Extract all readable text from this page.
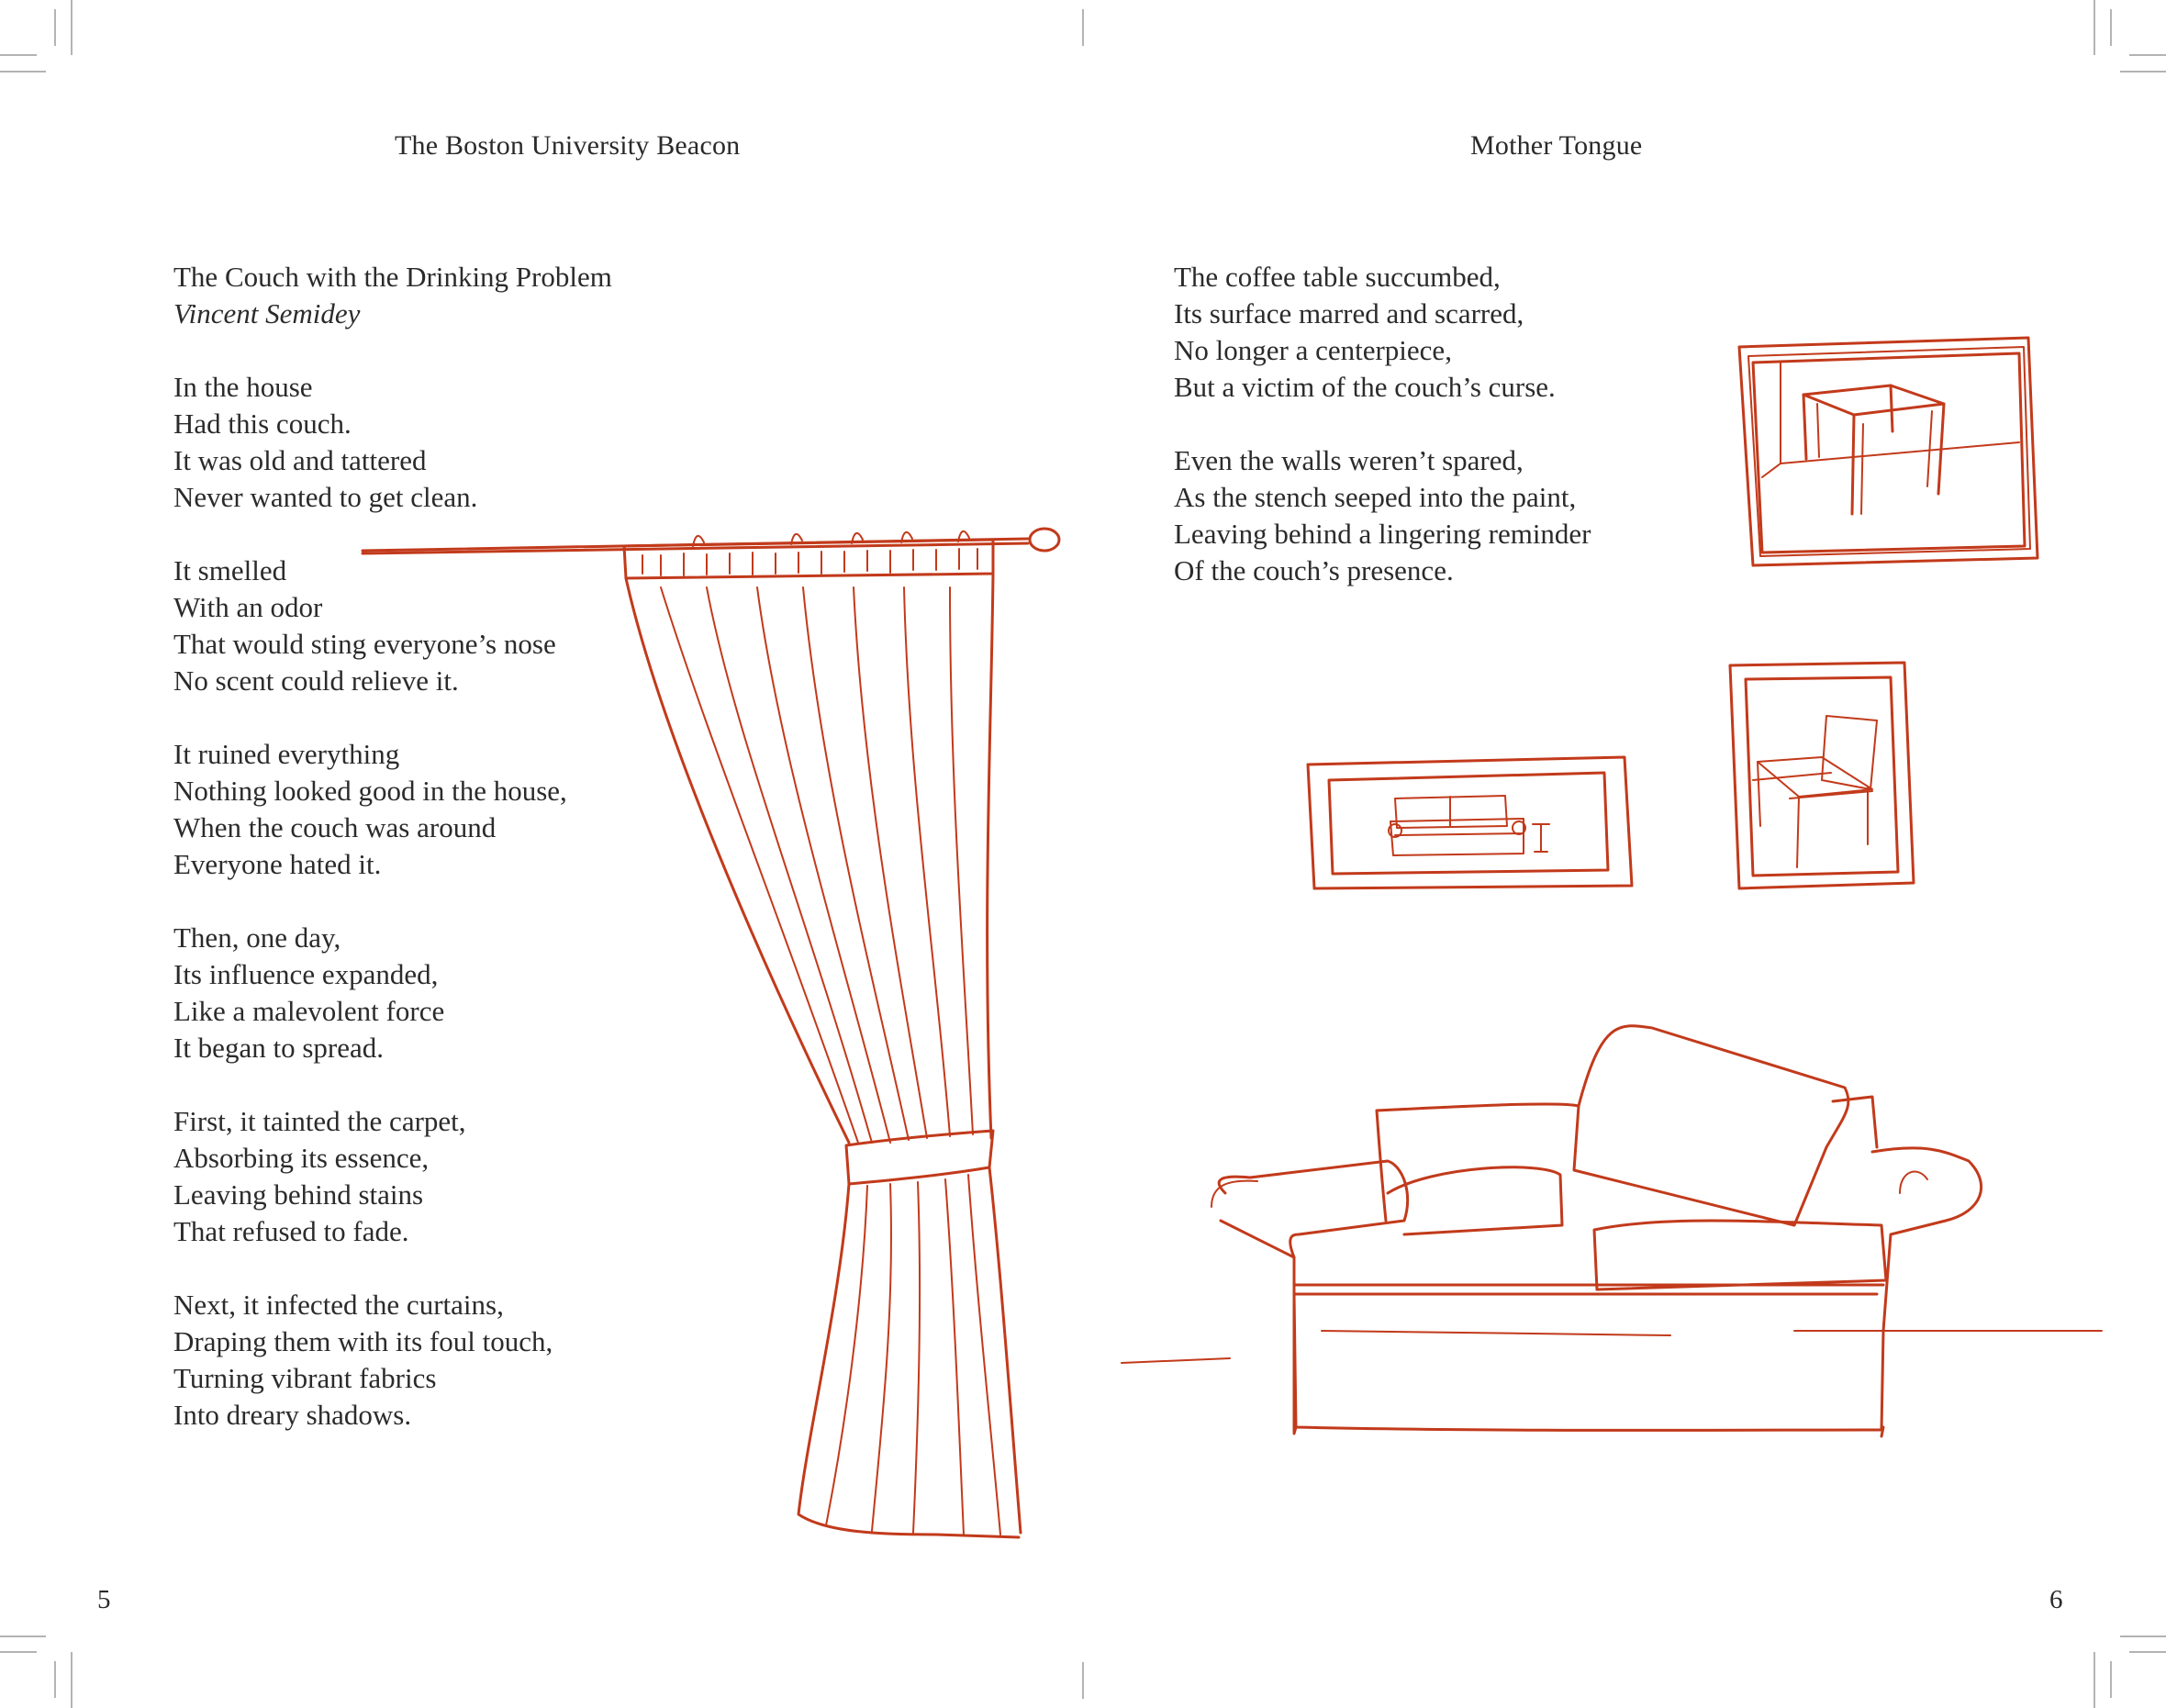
The Boston University Beacon	Mother Tongue
The Couch with the Drinking Problem
Vincent Semidey
In the house
Had this couch.
It was old and tattered
Never wanted to get clean.
It smelled
With an odor
That would sting everyone’s nose
No scent could relieve it.
It ruined everything
Nothing looked good in the house,
When the couch was around
Everyone hated it.
Then, one day,
Its influence expanded,
Like a malevolent force
It began to spread.
First, it tainted the carpet,
Absorbing its essence,
Leaving behind stains
That refused to fade.
Next, it infected the curtains,
Draping them with its foul touch,
Turning vibrant fabrics
Into dreary shadows.
The coffee table succumbed,
Its surface marred and scarred,
No longer a centerpiece,
But a victim of the couch’s curse.
Even the walls weren’t spared,
As the stench seeped into the paint,
Leaving behind a lingering reminder
Of the couch’s presence.
5	6
